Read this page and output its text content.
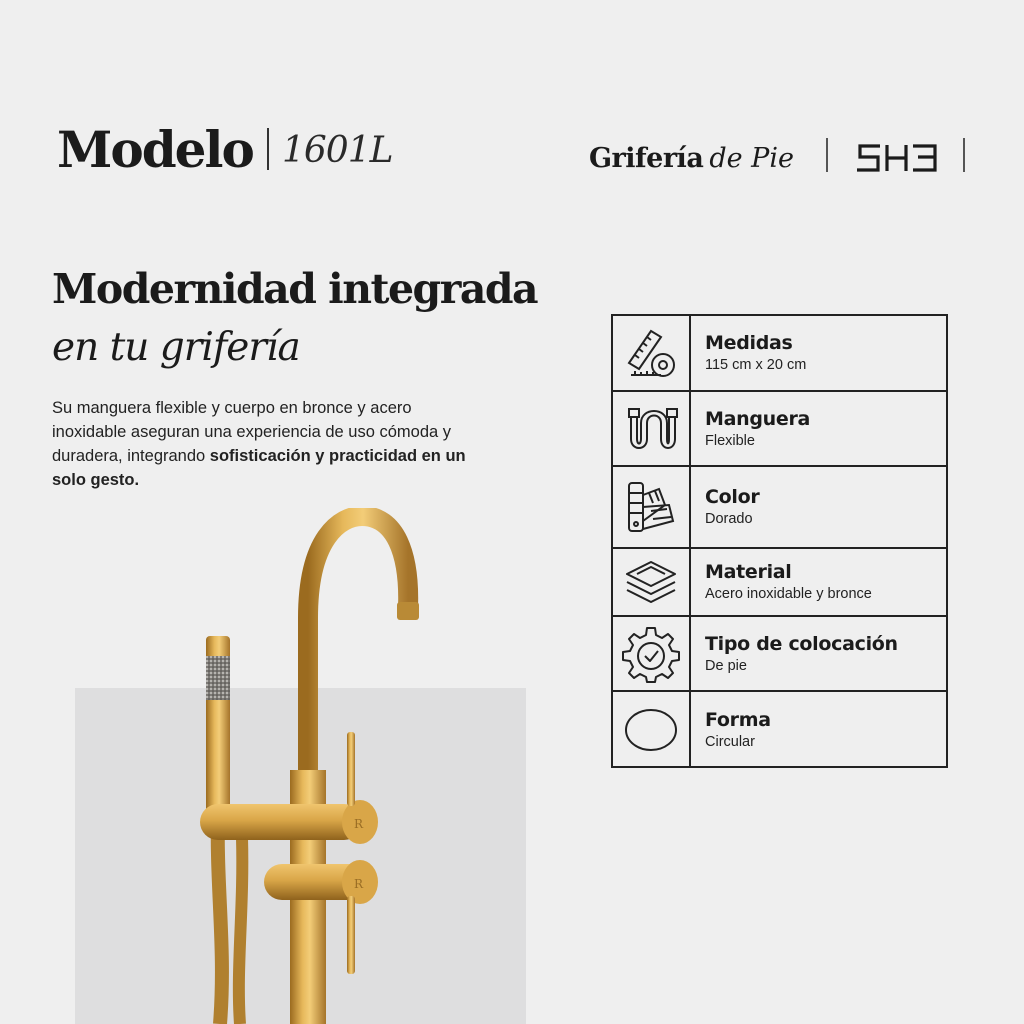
Modelo 1601L	Grifería de Pie
Modernidad integrada
en tu grifería
Su manguera flexible y cuerpo en bronce y acero inoxidable aseguran una experiencia de uso cómoda y duradera, integrando sofisticación y practicidad en un solo gesto.
R
R
Medidas
115 cm x 20 cm
Manguera
Flexible
Color
Dorado
Material
Acero inoxidable y bronce
Tipo de colocación
De pie
Forma
Circular
